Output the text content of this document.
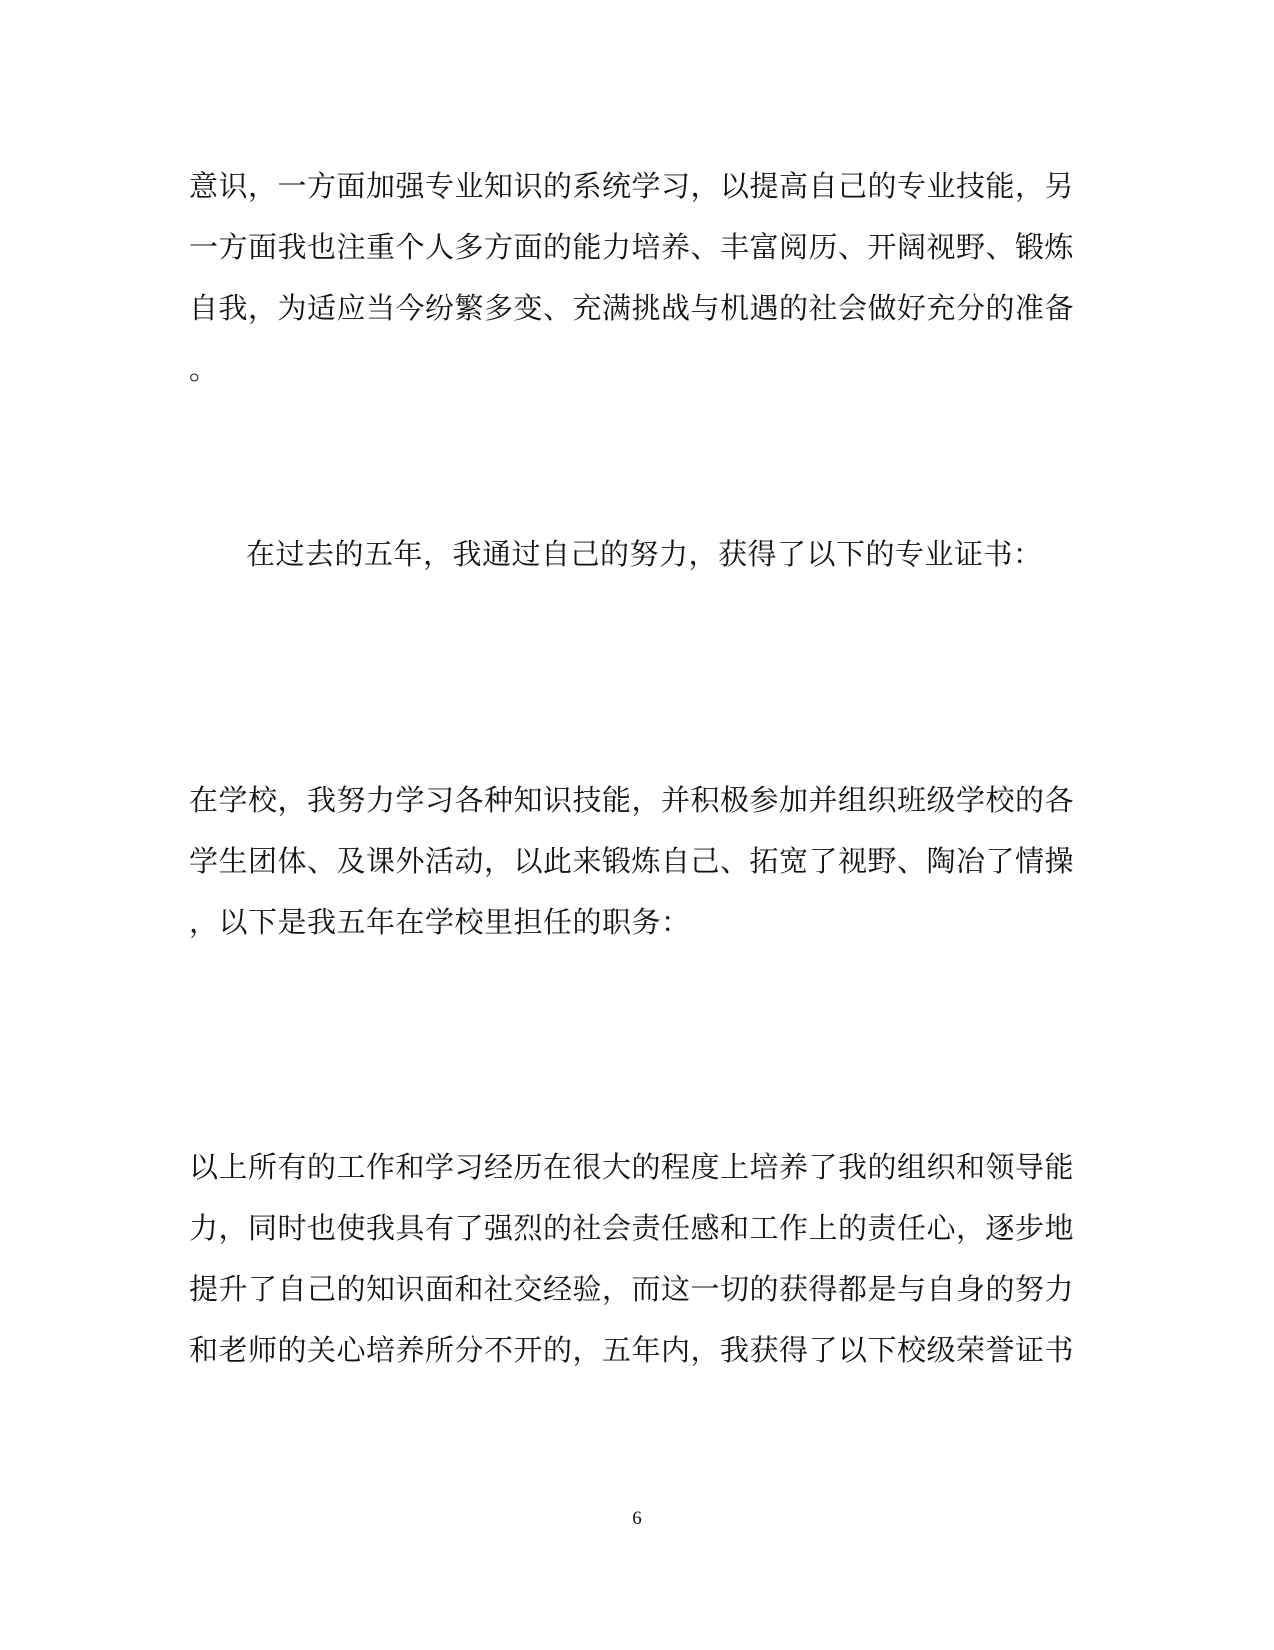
意识，一方面加强专业知识的系统学习，以提高自己的专业技能，另
一方面我也注重个人多方面的能力培养、丰富阅历、开阔视野、锻炼
自我，为适应当今纷繁多变、充满挑战与机遇的社会做好充分的准备
。
在过去的五年，我通过自己的努力，获得了以下的专业证书：
在学校，我努力学习各种知识技能，并积极参加并组织班级学校的各
学生团体、及课外活动，以此来锻炼自己、拓宽了视野、陶冶了情操
，以下是我五年在学校里担任的职务：
以上所有的工作和学习经历在很大的程度上培养了我的组织和领导能
力，同时也使我具有了强烈的社会责任感和工作上的责任心，逐步地
提升了自己的知识面和社交经验，而这一切的获得都是与自身的努力
和老师的关心培养所分不开的，五年内，我获得了以下校级荣誉证书
6
